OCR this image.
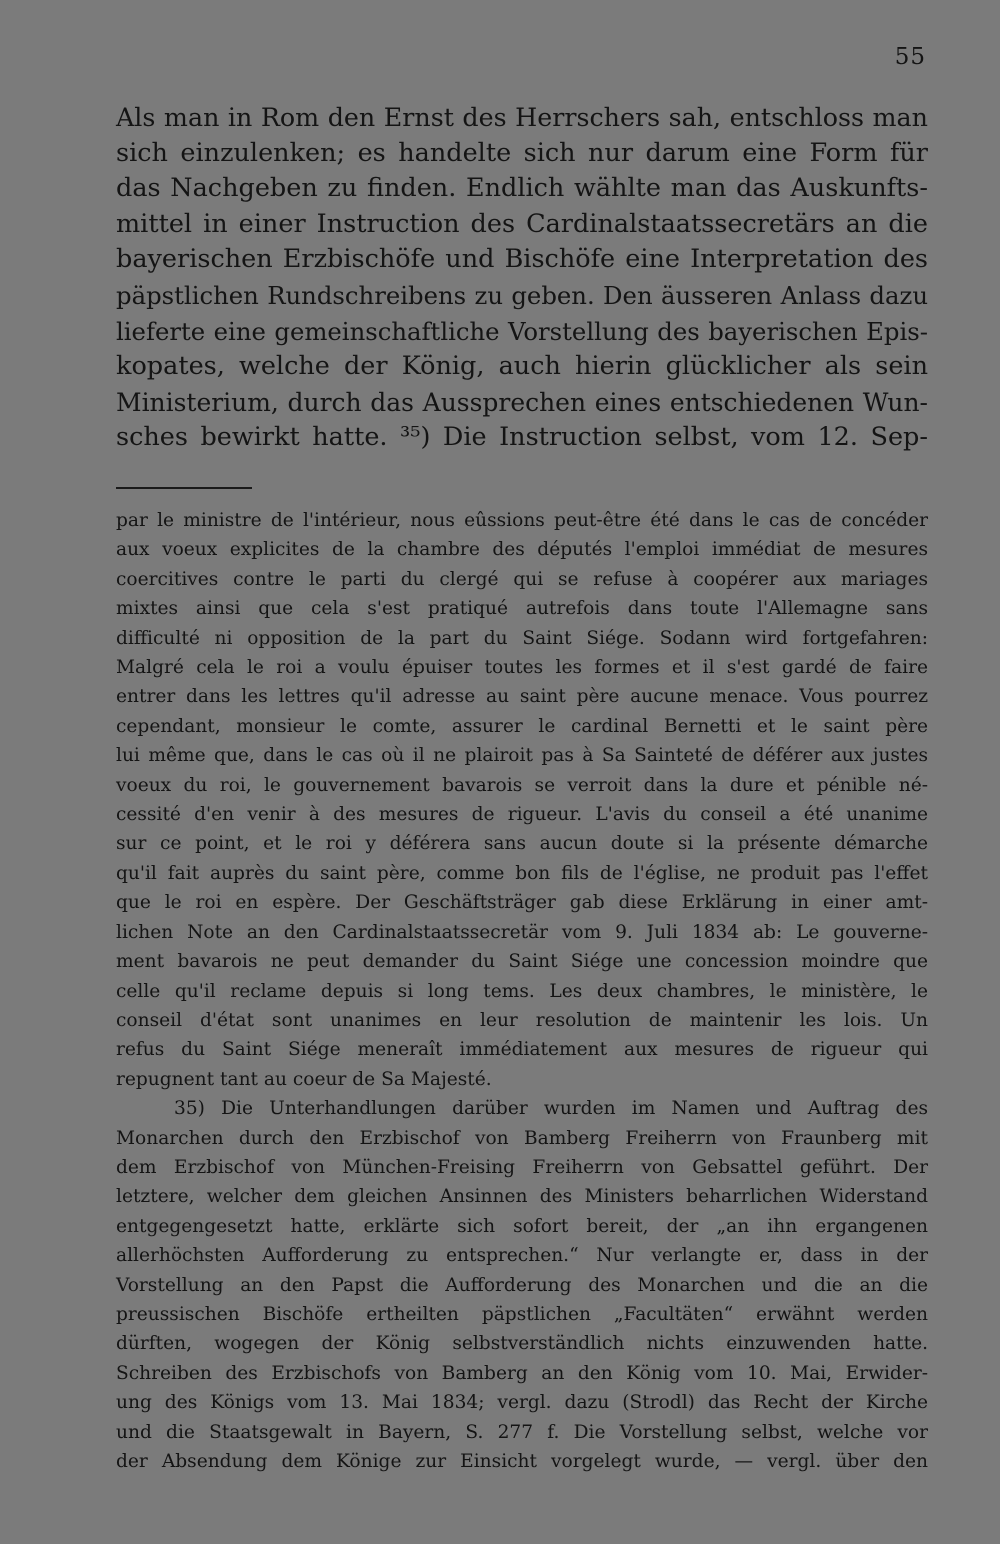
55
Als man in Rom den Ernst des Herrschers sah, entschloss man
sich einzulenken; es handelte sich nur darum eine Form für
das Nachgeben zu finden. Endlich wählte man das Auskunfts-
mittel in einer Instruction des Cardinalstaatssecretärs an die
bayerischen Erzbischöfe und Bischöfe eine Interpretation des
päpstlichen Rundschreibens zu geben. Den äusseren Anlass dazu
lieferte eine gemeinschaftliche Vorstellung des bayerischen Epis-
kopates, welche der König, auch hierin glücklicher als sein
Ministerium, durch das Aussprechen eines entschiedenen Wun-
sches bewirkt hatte. ³⁵) Die Instruction selbst, vom 12. Sep-
par le ministre de l'intérieur, nous eûssions peut-être été dans le cas de concéder
aux voeux explicites de la chambre des députés l'emploi immédiat de mesures
coercitives contre le parti du clergé qui se refuse à coopérer aux mariages
mixtes ainsi que cela s'est pratiqué autrefois dans toute l'Allemagne sans
difficulté ni opposition de la part du Saint Siége. Sodann wird fortgefahren:
Malgré cela le roi a voulu épuiser toutes les formes et il s'est gardé de faire
entrer dans les lettres qu'il adresse au saint père aucune menace. Vous pourrez
cependant, monsieur le comte, assurer le cardinal Bernetti et le saint père
lui même que, dans le cas où il ne plairoit pas à Sa Sainteté de déférer aux justes
voeux du roi, le gouvernement bavarois se verroit dans la dure et pénible né-
cessité d'en venir à des mesures de rigueur. L'avis du conseil a été unanime
sur ce point, et le roi y déférera sans aucun doute si la présente démarche
qu'il fait auprès du saint père, comme bon fils de l'église, ne produit pas l'effet
que le roi en espère. Der Geschäftsträger gab diese Erklärung in einer amt-
lichen Note an den Cardinalstaatssecretär vom 9. Juli 1834 ab: Le gouverne-
ment bavarois ne peut demander du Saint Siége une concession moindre que
celle qu'il reclame depuis si long tems. Les deux chambres, le ministère, le
conseil d'état sont unanimes en leur resolution de maintenir les lois. Un
refus du Saint Siége meneraît immédiatement aux mesures de rigueur qui
repugnent tant au coeur de Sa Majesté.
35) Die Unterhandlungen darüber wurden im Namen und Auftrag des
Monarchen durch den Erzbischof von Bamberg Freiherrn von Fraunberg mit
dem Erzbischof von München-Freising Freiherrn von Gebsattel geführt. Der
letztere, welcher dem gleichen Ansinnen des Ministers beharrlichen Widerstand
entgegengesetzt hatte, erklärte sich sofort bereit, der „an ihn ergangenen
allerhöchsten Aufforderung zu entsprechen.“ Nur verlangte er, dass in der
Vorstellung an den Papst die Aufforderung des Monarchen und die an die
preussischen Bischöfe ertheilten päpstlichen „Facultäten“ erwähnt werden
dürften, wogegen der König selbstverständlich nichts einzuwenden hatte.
Schreiben des Erzbischofs von Bamberg an den König vom 10. Mai, Erwider-
ung des Königs vom 13. Mai 1834; vergl. dazu (Strodl) das Recht der Kirche
und die Staatsgewalt in Bayern, S. 277 f. Die Vorstellung selbst, welche vor
der Absendung dem Könige zur Einsicht vorgelegt wurde, — vergl. über den
